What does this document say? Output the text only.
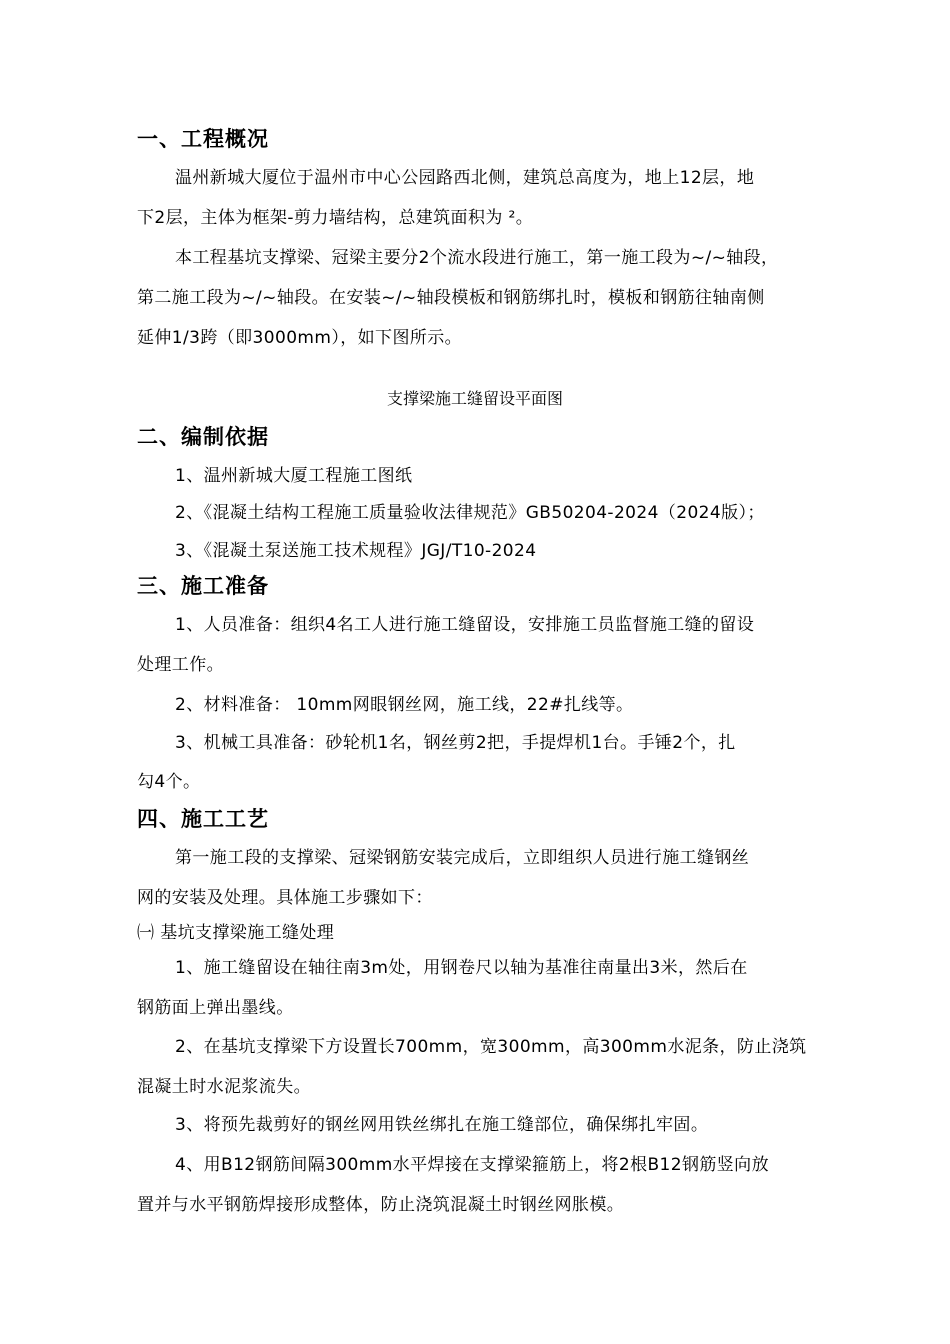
一、工程概况
温州新城大厦位于温州市中心公园路西北侧，建筑总高度为，地上12层，地
下2层，主体为框架-剪力墙结构，总建筑面积为 ²。
本工程基坑支撑梁、冠梁主要分2个流水段进行施工，第一施工段为~/~轴段，
第二施工段为~/~轴段。在安装~/~轴段模板和钢筋绑扎时，模板和钢筋往轴南侧
延伸1/3跨（即3000mm），如下图所示。
支撑梁施工缝留设平面图
二、编制依据
1、温州新城大厦工程施工图纸
2、《混凝土结构工程施工质量验收法律规范》GB50204-2024（2024版）；
3、《混凝土泵送施工技术规程》JGJ/T10-2024
三、施工准备
1、人员准备：组织4名工人进行施工缝留设，安排施工员监督施工缝的留设
处理工作。
2、材料准备： 10mm网眼钢丝网，施工线，22#扎线等。
3、机械工具准备：砂轮机1名，钢丝剪2把，手提焊机1台。手锤2个，扎
勾4个。
四、施工工艺
第一施工段的支撑梁、冠梁钢筋安装完成后，立即组织人员进行施工缝钢丝
网的安装及处理。具体施工步骤如下：
㈠ 基坑支撑梁施工缝处理
1、施工缝留设在轴往南3m处，用钢卷尺以轴为基准往南量出3米，然后在
钢筋面上弹出墨线。
2、在基坑支撑梁下方设置长700mm，宽300mm，高300mm水泥条，防止浇筑
混凝土时水泥浆流失。
3、将预先裁剪好的钢丝网用铁丝绑扎在施工缝部位，确保绑扎牢固。
4、用B12钢筋间隔300mm水平焊接在支撑梁箍筋上，将2根B12钢筋竖向放
置并与水平钢筋焊接形成整体，防止浇筑混凝土时钢丝网胀模。
